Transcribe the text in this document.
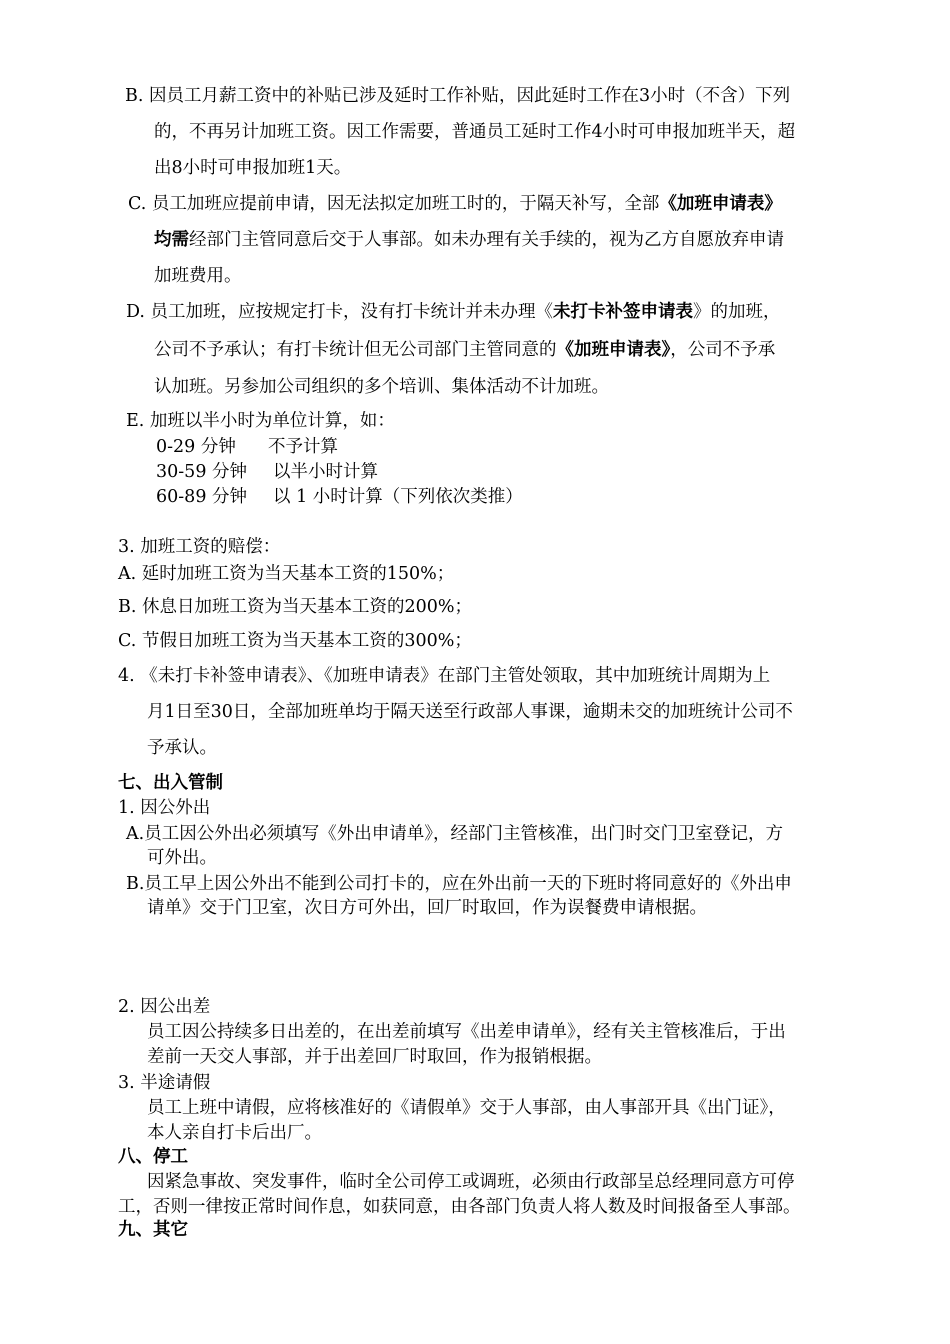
B. 因员工月薪工资中的补贴已涉及延时工作补贴，因此延时工作在3小时（不含）下列
的，不再另计加班工资。因工作需要，普通员工延时工作4小时可申报加班半天，超
出8小时可申报加班1天。
C. 员工加班应提前申请，因无法拟定加班工时的，于隔天补写，全部《加班申请表》
均需经部门主管同意后交于人事部。如未办理有关手续的，视为乙方自愿放弃申请
加班费用。
D. 员工加班，应按规定打卡，没有打卡统计并未办理《未打卡补签申请表》的加班，
公司不予承认；有打卡统计但无公司部门主管同意的《加班申请表》，公司不予承
认加班。另参加公司组织的多个培训、集体活动不计加班。
E. 加班以半小时为单位计算，如：
0-29 分钟 不予计算
30-59 分钟 以半小时计算
60-89 分钟 以 1 小时计算（下列依次类推）
3. 加班工资的赔偿：
A. 延时加班工资为当天基本工资的150%；
B. 休息日加班工资为当天基本工资的200%；
C. 节假日加班工资为当天基本工资的300%；
4. 《未打卡补签申请表》、《加班申请表》在部门主管处领取，其中加班统计周期为上
月1日至30日，全部加班单均于隔天送至行政部人事课，逾期未交的加班统计公司不
予承认。
七、出入管制
1. 因公外出
A.员工因公外出必须填写《外出申请单》，经部门主管核准，出门时交门卫室登记，方
可外出。
B.员工早上因公外出不能到公司打卡的，应在外出前一天的下班时将同意好的《外出申
请单》交于门卫室，次日方可外出，回厂时取回，作为误餐费申请根据。
2. 因公出差
员工因公持续多日出差的，在出差前填写《出差申请单》，经有关主管核准后，于出
差前一天交人事部，并于出差回厂时取回，作为报销根据。
3. 半途请假
员工上班中请假，应将核准好的《请假单》交于人事部，由人事部开具《出门证》，
本人亲自打卡后出厂。
八、停工
因紧急事故、突发事件，临时全公司停工或调班，必须由行政部呈总经理同意方可停
工，否则一律按正常时间作息，如获同意，由各部门负责人将人数及时间报备至人事部。
九、其它
